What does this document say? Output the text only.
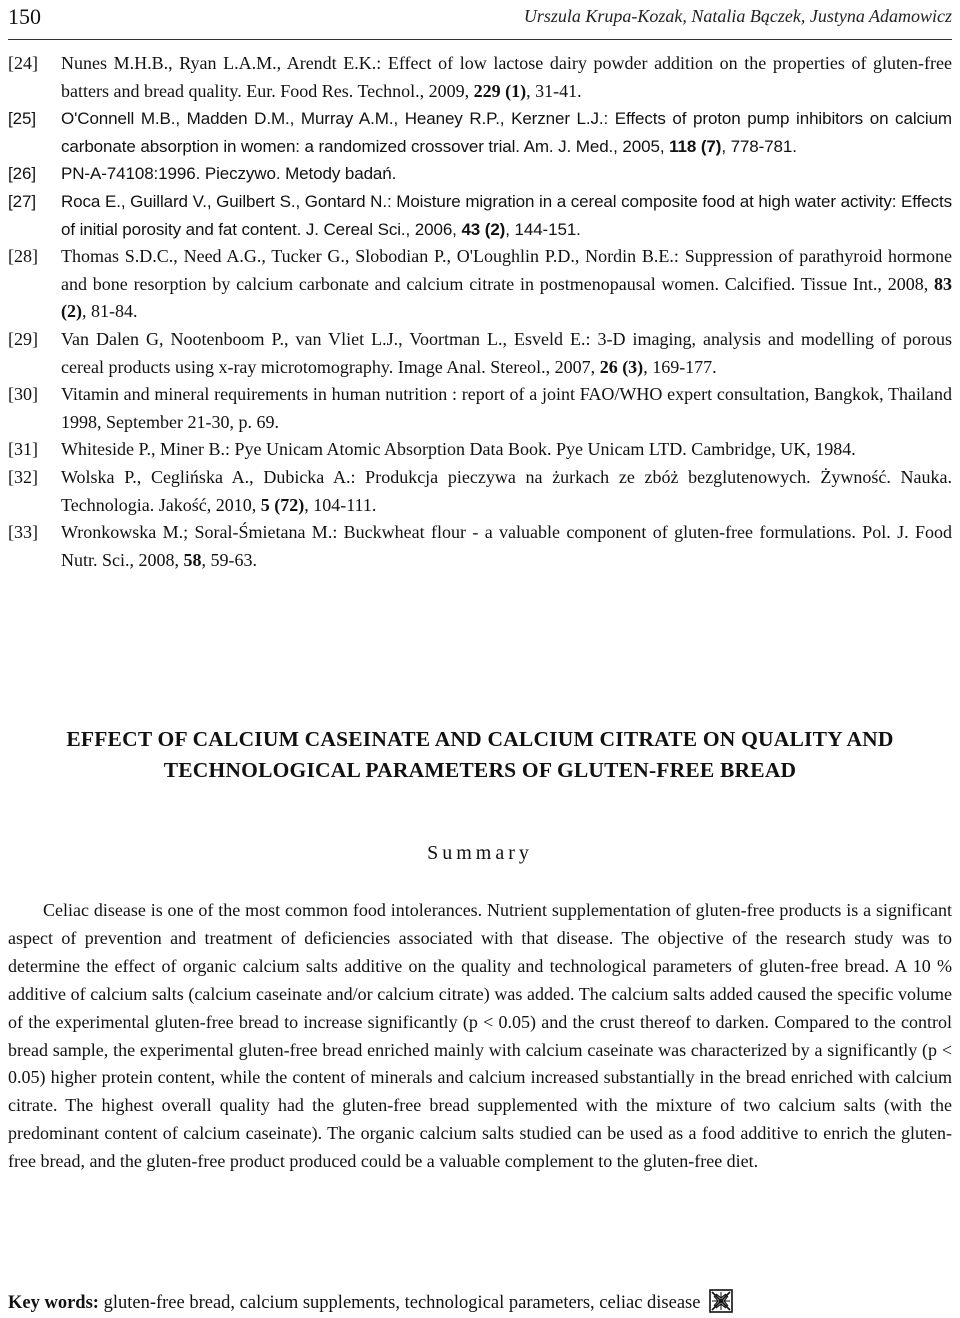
150	Urszula Krupa-Kozak, Natalia Bączek, Justyna Adamowicz
[24] Nunes M.H.B., Ryan L.A.M., Arendt E.K.: Effect of low lactose dairy powder addition on the properties of gluten-free batters and bread quality. Eur. Food Res. Technol., 2009, 229 (1), 31-41.
[25] O'Connell M.B., Madden D.M., Murray A.M., Heaney R.P., Kerzner L.J.: Effects of proton pump inhibitors on calcium carbonate absorption in women: a randomized crossover trial. Am. J. Med., 2005, 118 (7), 778-781.
[26] PN-A-74108:1996. Pieczywo. Metody badań.
[27] Roca E., Guillard V., Guilbert S., Gontard N.: Moisture migration in a cereal composite food at high water activity: Effects of initial porosity and fat content. J. Cereal Sci., 2006, 43 (2), 144-151.
[28] Thomas S.D.C., Need A.G., Tucker G., Slobodian P., O'Loughlin P.D., Nordin B.E.: Suppression of parathyroid hormone and bone resorption by calcium carbonate and calcium citrate in postmenopausal women. Calcified. Tissue Int., 2008, 83 (2), 81-84.
[29] Van Dalen G, Nootenboom P., van Vliet L.J., Voortman L., Esveld E.: 3-D imaging, analysis and modelling of porous cereal products using x-ray microtomography. Image Anal. Stereol., 2007, 26 (3), 169-177.
[30] Vitamin and mineral requirements in human nutrition : report of a joint FAO/WHO expert consultation, Bangkok, Thailand 1998, September 21-30, p. 69.
[31] Whiteside P., Miner B.: Pye Unicam Atomic Absorption Data Book. Pye Unicam LTD. Cambridge, UK, 1984.
[32] Wolska P., Ceglińska A., Dubicka A.: Produkcja pieczywa na żurkach ze zbóż bezglutenowych. Żywność. Nauka. Technologia. Jakość, 2010, 5 (72), 104-111.
[33] Wronkowska M.; Soral-Śmietana M.: Buckwheat flour - a valuable component of gluten-free formulations. Pol. J. Food Nutr. Sci., 2008, 58, 59-63.
EFFECT OF CALCIUM CASEINATE AND CALCIUM CITRATE ON QUALITY AND
TECHNOLOGICAL PARAMETERS OF GLUTEN-FREE BREAD
Summary
Celiac disease is one of the most common food intolerances. Nutrient supplementation of gluten-free products is a significant aspect of prevention and treatment of deficiencies associated with that disease. The objective of the research study was to determine the effect of organic calcium salts additive on the quality and technological parameters of gluten-free bread. A 10 % additive of calcium salts (calcium caseinate and/or calcium citrate) was added. The calcium salts added caused the specific volume of the experimental gluten-free bread to increase significantly (p < 0.05) and the crust thereof to darken. Compared to the control bread sample, the experimental gluten-free bread enriched mainly with calcium caseinate was characterized by a significantly (p < 0.05) higher protein content, while the content of minerals and calcium increased substantially in the bread enriched with calcium citrate. The highest overall quality had the gluten-free bread supplemented with the mixture of two calcium salts (with the predominant content of calcium caseinate). The organic calcium salts studied can be used as a food additive to enrich the gluten-free bread, and the gluten-free product produced could be a valuable complement to the gluten-free diet.
Key words: gluten-free bread, calcium supplements, technological parameters, celiac disease
